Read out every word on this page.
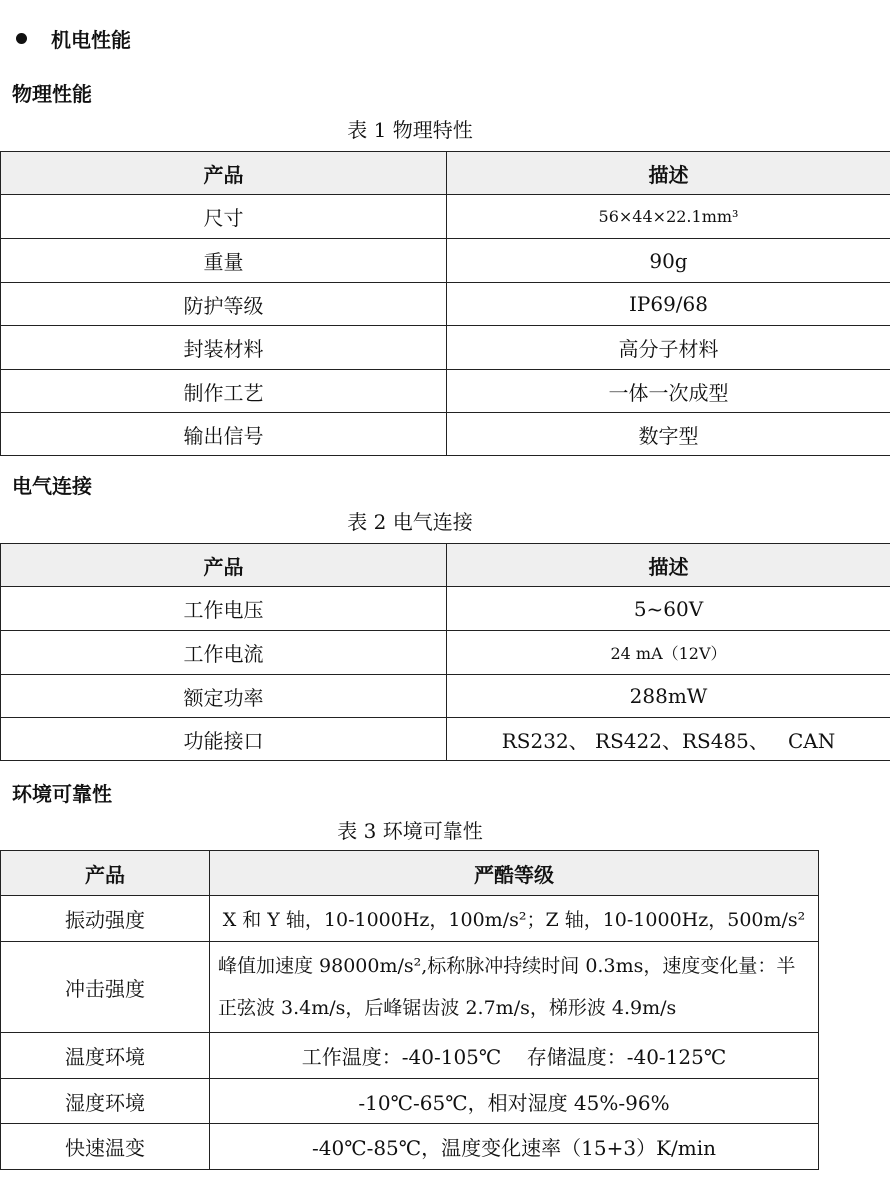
机电性能
物理性能
表 1 物理特性
产品	描述
尺寸	56×44×22.1mm³
重量	90g
防护等级	IP69/68
封装材料	高分子材料
制作工艺	一体一次成型
输出信号	数字型
电气连接
表 2 电气连接
产品	描述
工作电压	5~60V
工作电流	24 mA（12V）
额定功率	288mW
功能接口	RS232、 RS422、RS485、   CAN
环境可靠性
表 3 环境可靠性
产品	严酷等级
振动强度	X 和 Y 轴，10-1000Hz，100m/s²；Z 轴，10-1000Hz，500m/s²
冲击强度	峰值加速度 98000m/s²,标称脉冲持续时间 0.3ms，速度变化量：半正弦波 3.4m/s，后峰锯齿波 2.7m/s，梯形波 4.9m/s
温度环境	工作温度：-40-105℃    存储温度：-40-125℃
湿度环境	-10℃-65℃，相对湿度 45%-96%
快速温变	-40℃-85℃，温度变化速率（15+3）K/min
